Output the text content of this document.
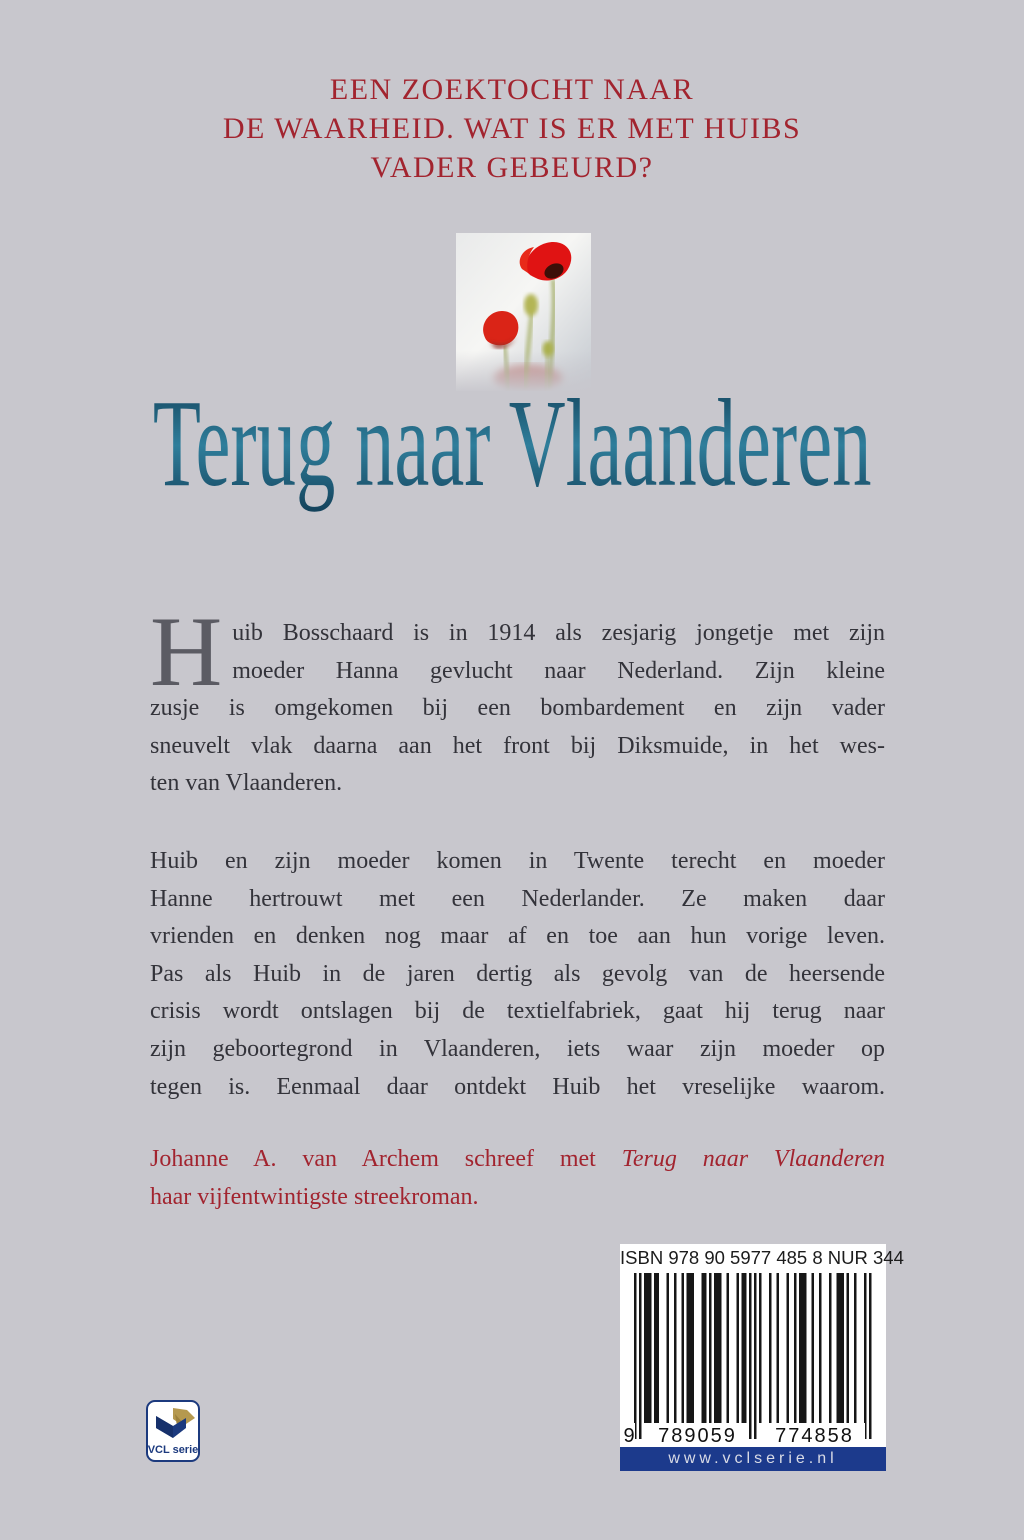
EEN ZOEKTOCHT NAAR
DE WAARHEID. WAT IS ER MET HUIBS
VADER GEBEURD?
Terug naar Vlaanderen
H uib Bosschaard is in 1914 als zesjarig jongetje met zijn
moeder Hanna gevlucht naar Nederland. Zijn kleine
zusje is omgekomen bij een bombardement en zijn vader
sneuvelt vlak daarna aan het front bij Diksmuide, in het wes-
ten van Vlaanderen.
Huib en zijn moeder komen in Twente terecht en moeder
Hanne hertrouwt met een Nederlander. Ze maken daar
vrienden en denken nog maar af en toe aan hun vorige leven.
Pas als Huib in de jaren dertig als gevolg van de heersende
crisis wordt ontslagen bij de textielfabriek, gaat hij terug naar
zijn geboortegrond in Vlaanderen, iets waar zijn moeder op
tegen is. Eenmaal daar ontdekt Huib het vreselijke waarom.
Johanne A. van Archem schreef met Terug naar Vlaanderen
haar vijfentwintigste streekroman.
ISBN 978 90 5977 485 8 NUR 344
9	789059	774858
www.vclserie.nl
VCL serie
